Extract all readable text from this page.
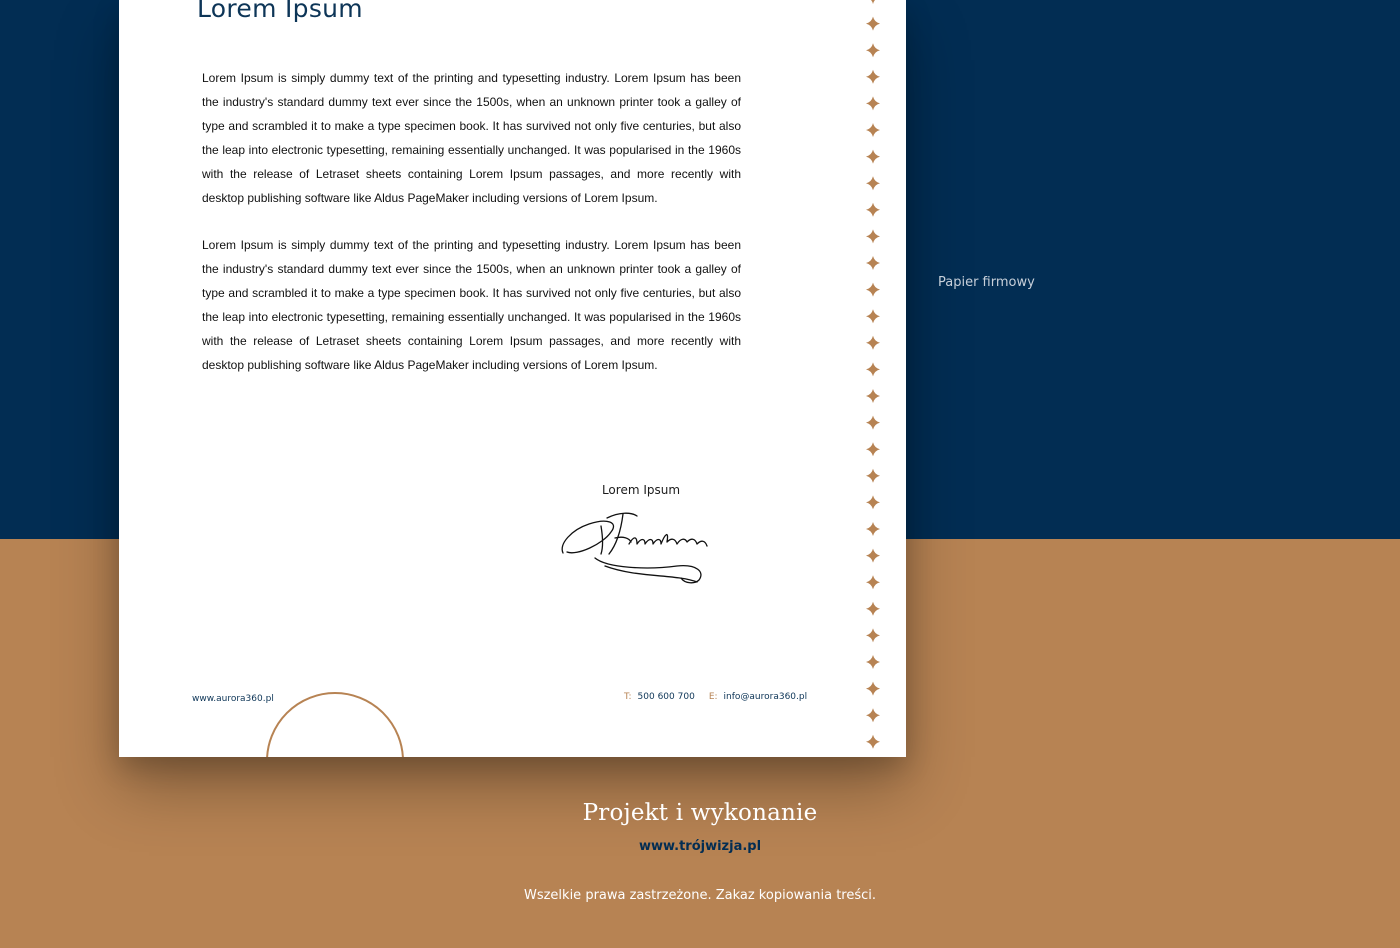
Lorem Ipsum

Lorem Ipsum is simply dummy text of the printing and typesetting industry. Lorem Ipsum has been the industry's standard dummy text ever since the 1500s, when an unknown printer took a galley of type and scrambled it to make a type specimen book. It has survived not only five centuries, but also the leap into electronic typesetting, remaining essentially unchanged. It was popularised in the 1960s with the release of Letraset sheets containing Lorem Ipsum passages, and more recently with desktop publishing software like Aldus PageMaker including versions of Lorem Ipsum.

Lorem Ipsum is simply dummy text of the printing and typesetting industry. Lorem Ipsum has been the industry's standard dummy text ever since the 1500s, when an unknown printer took a galley of type and scrambled it to make a type specimen book. It has survived not only five centuries, but also the leap into electronic typesetting, remaining essentially unchanged. It was popularised in the 1960s with the release of Letraset sheets containing Lorem Ipsum passages, and more recently with desktop publishing software like Aldus PageMaker including versions of Lorem Ipsum.

Lorem Ipsum
B. Franklin
www.aurora360.pl	T: 500 600 700 E: info@aurora360.pl
Papier firmowy
Projekt i wykonanie
www.trójwizja.pl
Wszelkie prawa zastrzeżone. Zakaz kopiowania treści.
